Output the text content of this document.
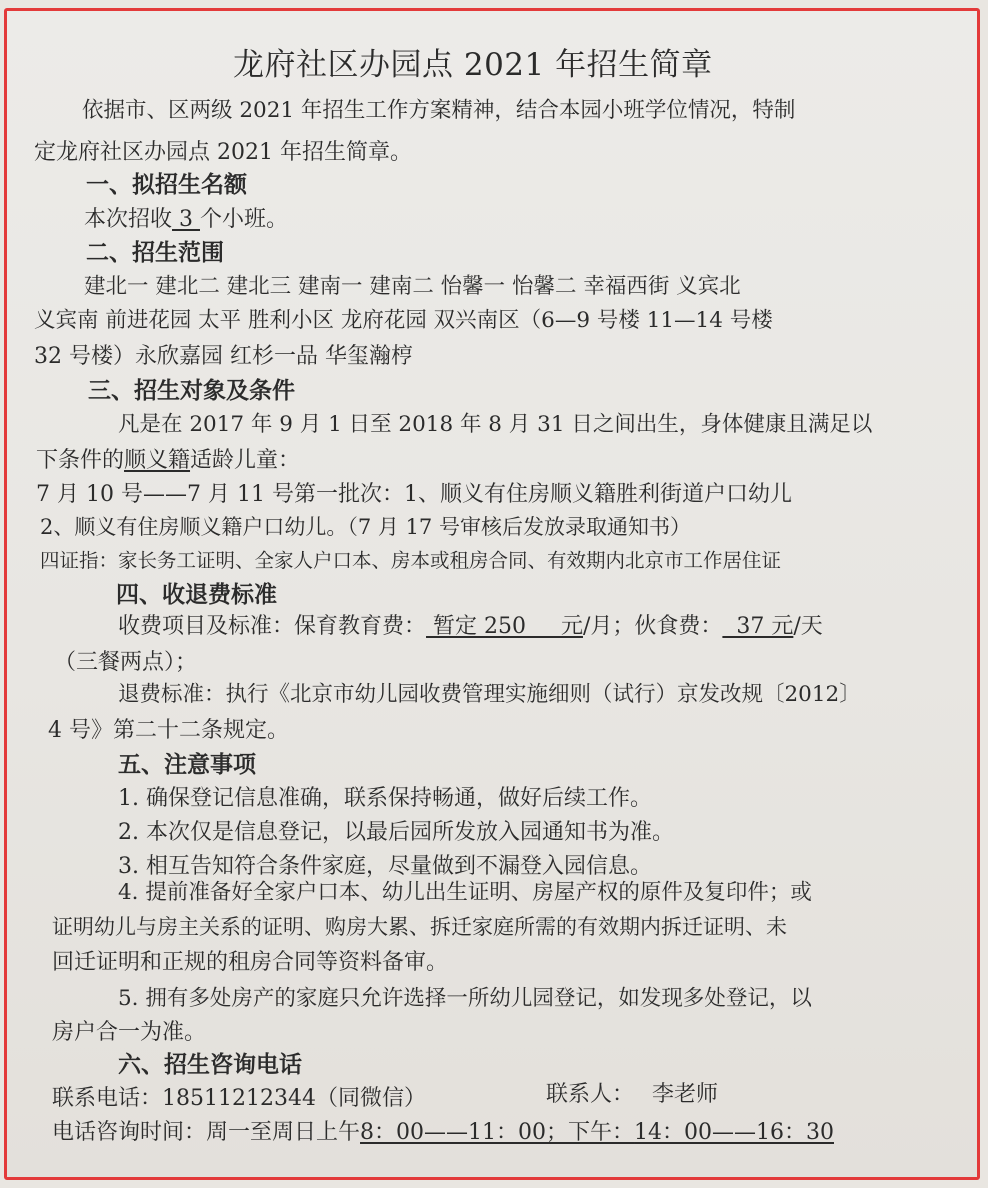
龙府社区办园点 2021 年招生简章
依据市、区两级 2021 年招生工作方案精神，结合本园小班学位情况，特制
定龙府社区办园点 2021 年招生简章。
一、拟招生名额
本次招收 3 个小班。
二、招生范围
建北一 建北二 建北三 建南一 建南二 怡馨一 怡馨二 幸福西街 义宾北
义宾南 前进花园 太平 胜利小区 龙府花园 双兴南区（6—9 号楼 11—14 号楼
32 号楼）永欣嘉园 红杉一品 华玺瀚梈
三、招生对象及条件
凡是在 2017 年 9 月 1 日至 2018 年 8 月 31 日之间出生，身体健康且满足以
下条件的顺义籍适龄儿童：
7 月 10 号——7 月 11 号第一批次：1、顺义有住房顺义籍胜利街道户口幼儿
2、顺义有住房顺义籍户口幼儿。（7 月 17 号审核后发放录取通知书）
四证指：家长务工证明、全家人户口本、房本或租房合同、有效期内北京市工作居住证
四、收退费标准
收费项目及标准：保育教育费： 暂定 250     元/月；伙食费：  37 元/天
（三餐两点）；
退费标准：执行《北京市幼儿园收费管理实施细则（试行）京发改规〔2012〕
4 号》第二十二条规定。
五、注意事项
1. 确保登记信息准确，联系保持畅通，做好后续工作。
2. 本次仅是信息登记，以最后园所发放入园通知书为准。
3. 相互告知符合条件家庭，尽量做到不漏登入园信息。
4. 提前准备好全家户口本、幼儿出生证明、房屋产权的原件及复印件；或
证明幼儿与房主关系的证明、购房大累、拆迁家庭所需的有效期内拆迁证明、未
回迁证明和正规的租房合同等资料备审。
5. 拥有多处房产的家庭只允许选择一所幼儿园登记，如发现多处登记，以
房户合一为准。
六、招生咨询电话
联系电话：18511212344（同微信）	联系人： 李老师
电话咨询时间：周一至周日上午8：00——11：00；下午：14：00——16：30
